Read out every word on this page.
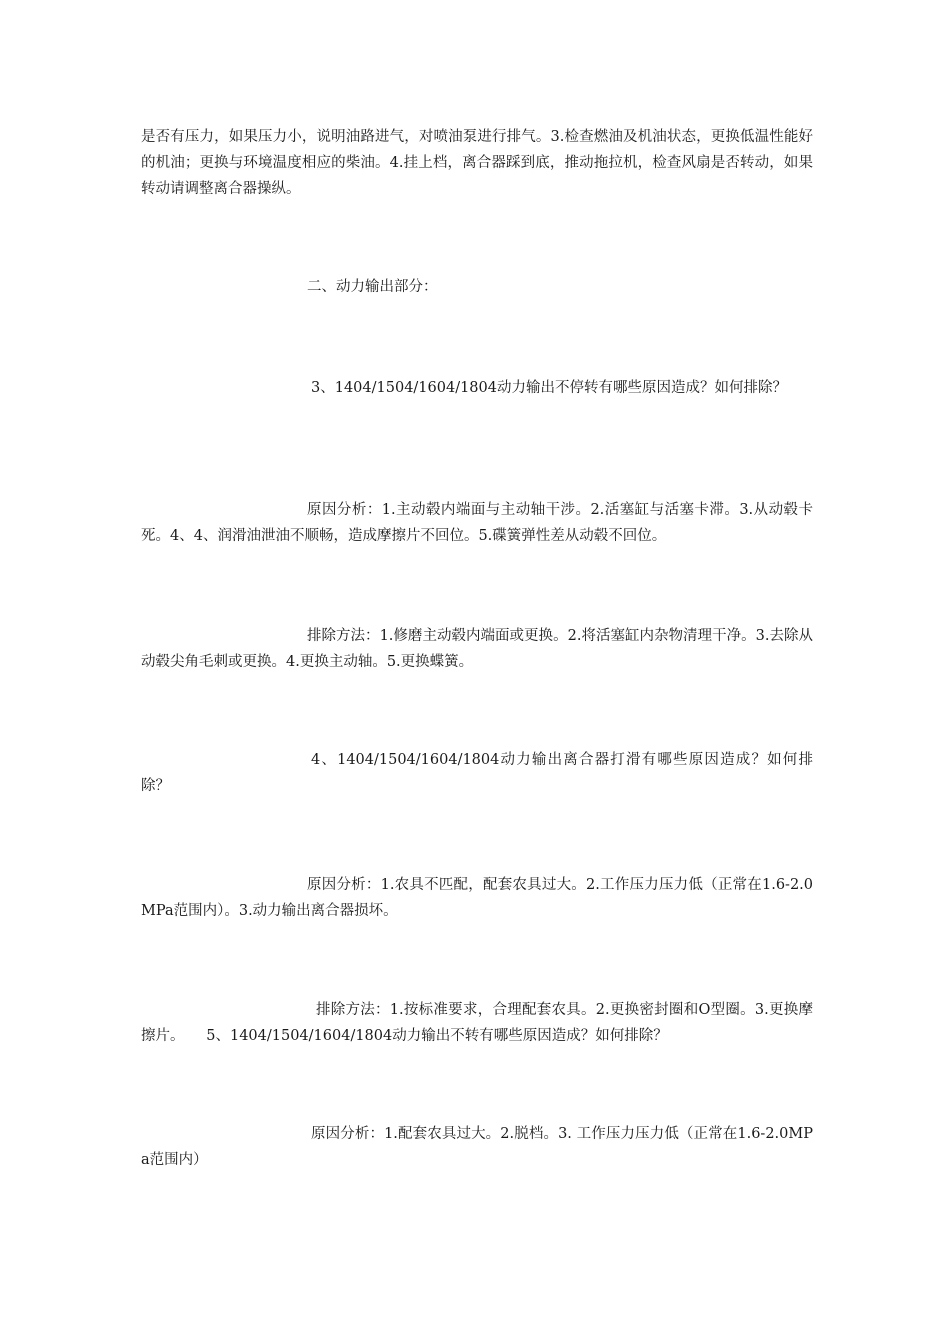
是否有压力，如果压力小，说明油路进气，对喷油泵进行排气。3.检查燃油及机油状态，更换低温性能好的机油；更换与环境温度相应的柴油。4.挂上档，离合器踩到底，推动拖拉机，检查风扇是否转动，如果转动请调整离合器操纵。

二、动力输出部分：

3、1404/1504/1604/1804动力输出不停转有哪些原因造成？如何排除？

原因分析：1.主动毂内端面与主动轴干涉。2.活塞缸与活塞卡滞。3.从动毂卡死。4、4、润滑油泄油不顺畅，造成摩擦片不回位。5.碟簧弹性差从动毂不回位。

排除方法：1.修磨主动毂内端面或更换。2.将活塞缸内杂物清理干净。3.去除从动毂尖角毛刺或更换。4.更换主动轴。5.更换蝶簧。

4、1404/1504/1604/1804动力输出离合器打滑有哪些原因造成？如何排除？

原因分析：1.农具不匹配，配套农具过大。2.工作压力压力低（正常在1.6-2.0MPa范围内）。3.动力输出离合器损坏。

排除方法：1.按标准要求，合理配套农具。2.更换密封圈和O型圈。3.更换摩擦片。　　5、1404/1504/1604/1804动力输出不转有哪些原因造成？如何排除？

原因分析：1.配套农具过大。2.脱档。3. 工作压力压力低（正常在1.6-2.0MPa范围内）
